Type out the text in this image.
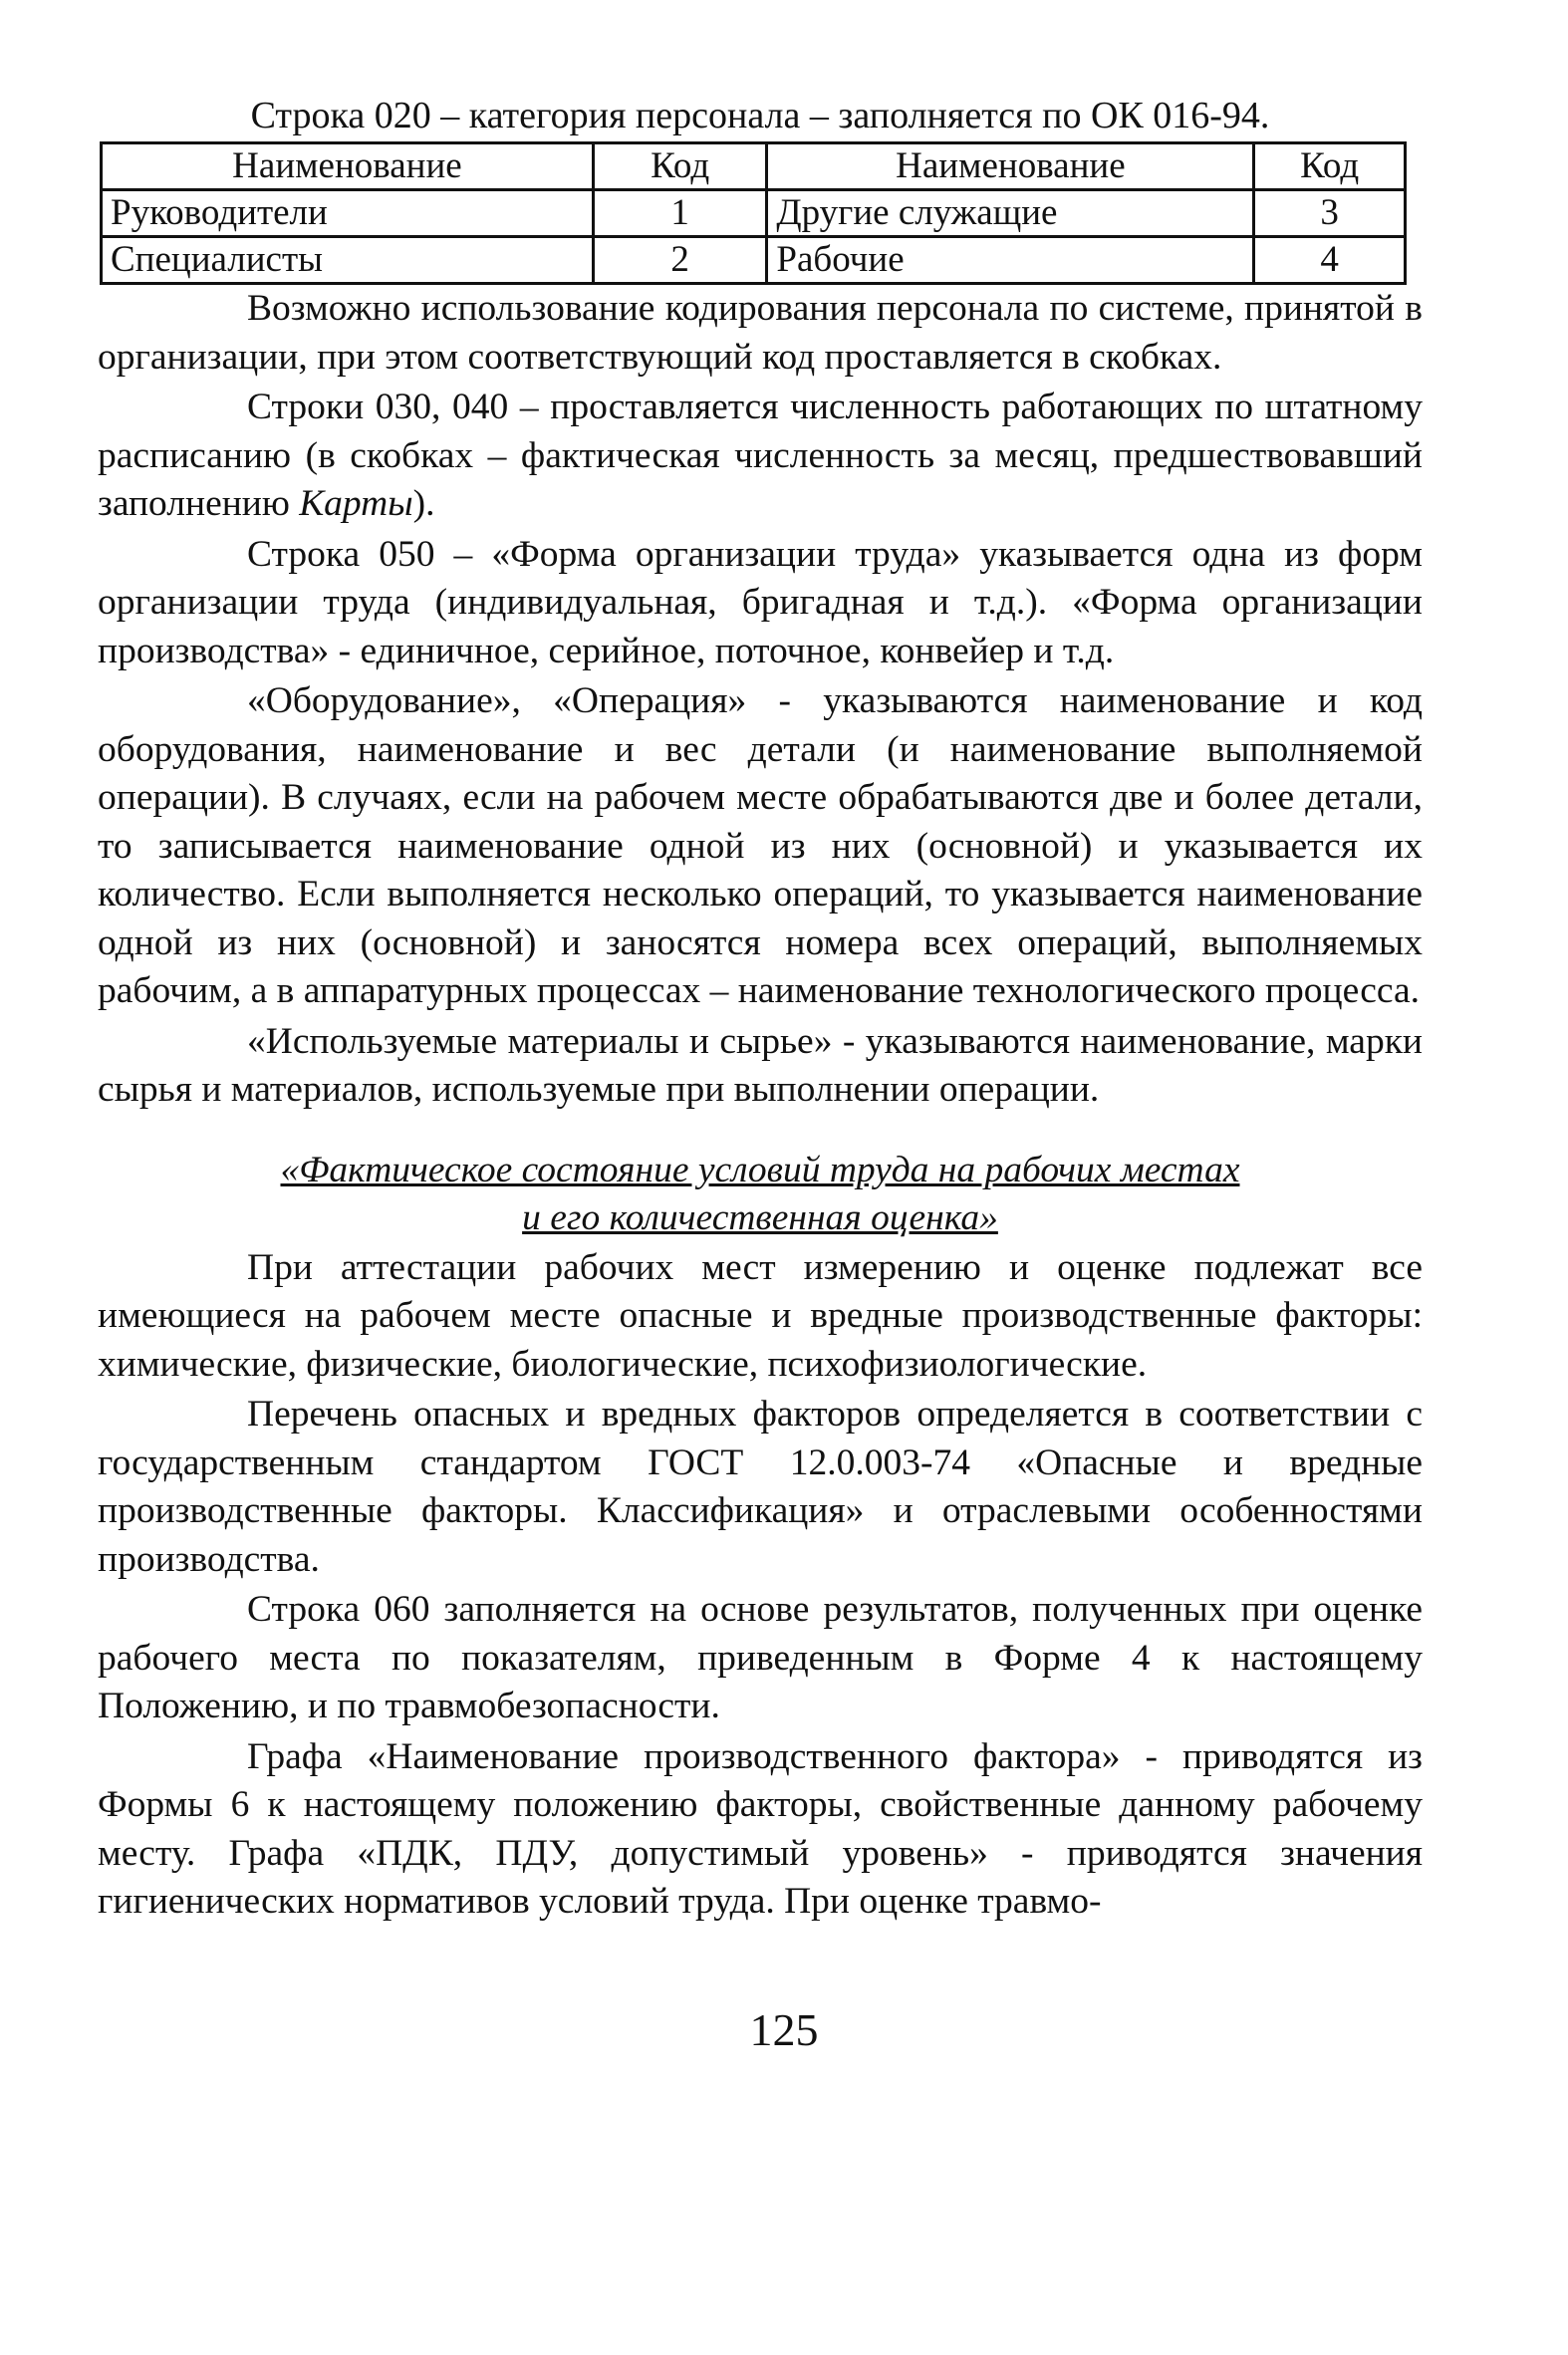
Строка 020 – категория персонала – заполняется по ОК 016-94.
Наименование	Код	Наименование	Код
Руководители	1	Другие служащие	3
Специалисты	2	Рабочие	4

Возможно использование кодирования персонала по системе, принятой в организации, при этом соответствующий код проставляется в скобках.

Строки 030, 040 – проставляется численность работающих по штатному расписанию (в скобках – фактическая численность за месяц, предшествовавший заполнению Карты).

Строка 050 – «Форма организации труда» указывается одна из форм организации труда (индивидуальная, бригадная и т.д.). «Форма организации производства» - единичное, серийное, поточное, конвейер и т.д.

«Оборудование», «Операция» - указываются наименование и код оборудования, наименование и вес детали (и наименование выполняемой операции). В случаях, если на рабочем месте обрабатываются две и более детали, то записывается наименование одной из них (основной) и указывается их количество. Если выполняется несколько операций, то указывается наименование одной из них (основной) и заносятся номера всех операций, выполняемых рабочим, а в аппаратурных процессах – наименование технологического процесса.

«Используемые материалы и сырье» - указываются наименование, марки сырья и материалов, используемые при выполнении операции.

«Фактическое состояние условий труда на рабочих местах
и его количественная оценка»

При аттестации рабочих мест измерению и оценке подлежат все имеющиеся на рабочем месте опасные и вредные производственные факторы: химические, физические, биологические, психофизиологические.

Перечень опасных и вредных факторов определяется в соответствии с государственным стандартом ГОСТ 12.0.003-74 «Опасные и вредные производственные факторы. Классификация» и отраслевыми особенностями производства.

Строка 060 заполняется на основе результатов, полученных при оценке рабочего места по показателям, приведенным в Форме 4 к настоящему Положению, и по травмобезопасности.

Графа «Наименование производственного фактора» - приводятся из Формы 6 к настоящему положению факторы, свойственные данному рабочему месту. Графа «ПДК, ПДУ, допустимый уровень» - приводятся значения гигиенических нормативов условий труда. При оценке травмо-

125
